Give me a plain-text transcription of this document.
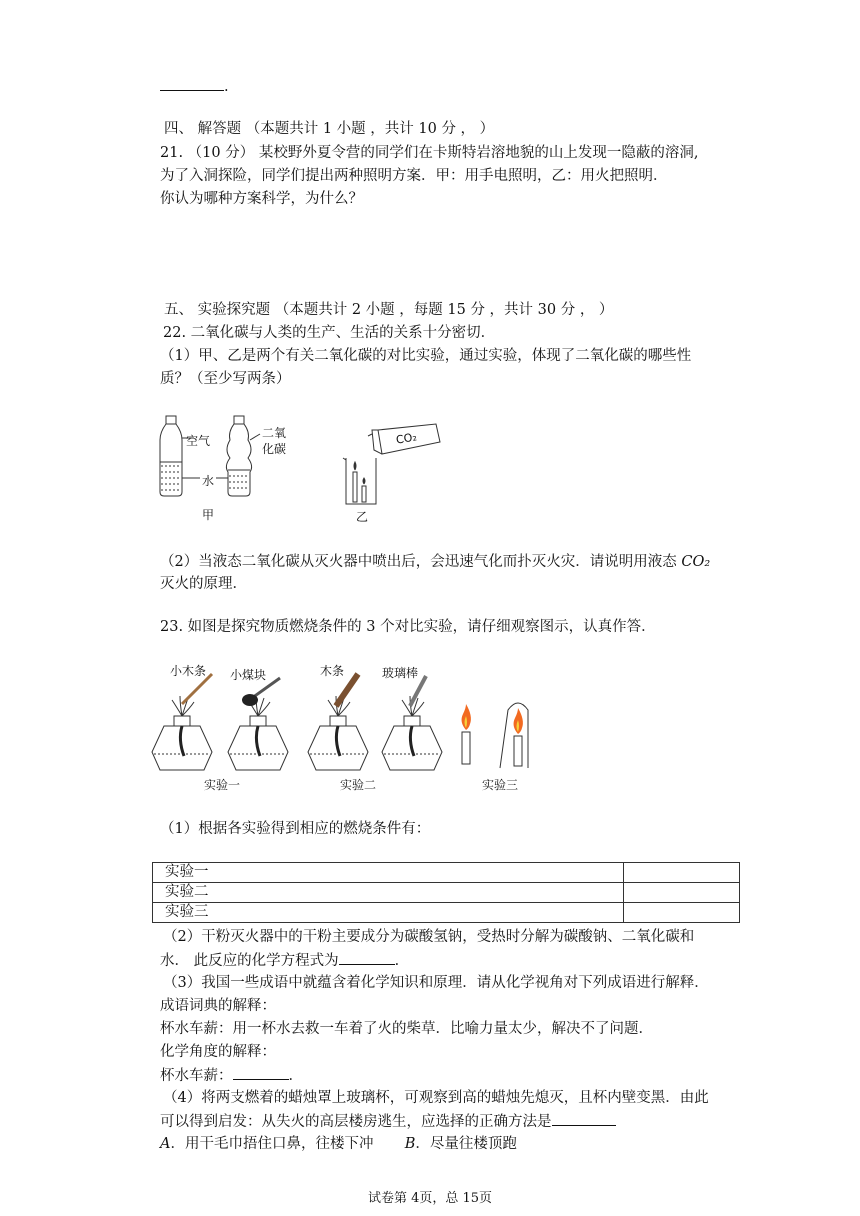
.
四、 解答题 （本题共计 1 小题 ，共计 10 分 ， ）
21. （10 分） 某校野外夏令营的同学们在卡斯特岩溶地貌的山上发现一隐蔽的溶洞,
为了入洞探险，同学们提出两种照明方案．甲：用手电照明，乙：用火把照明．
你认为哪种方案科学，为什么？
五、 实验探究题 （本题共计 2 小题 ，每题 15 分 ，共计 30 分 ， ）
22. 二氧化碳与人类的生产、生活的关系十分密切．
（1）甲、乙是两个有关二氧化碳的对比实验，通过实验，体现了二氧化碳的哪些性
质？（至少写两条）
空气
二氧
化碳
水
甲	乙
CO₂
（2）当液态二氧化碳从灭火器中喷出后，会迅速气化而扑灭火灾．请说明用液态 CO₂
灭火的原理．
23. 如图是探究物质燃烧条件的 3 个对比实验，请仔细观察图示，认真作答．
小木条 小煤块	木条	玻璃棒
实验一	实验二	实验三
（1）根据各实验得到相应的燃烧条件有：
实验一	
实验二	
实验三	
（2）干粉灭火器中的干粉主要成分为碳酸氢钠，受热时分解为碳酸钠、二氧化碳和
水． 此反应的化学方程式为	．
（3）我国一些成语中就蕴含着化学知识和原理．请从化学视角对下列成语进行解释．
成语词典的解释：
杯水车薪：用一杯水去救一车着了火的柴草．比喻力量太少，解决不了问题．
化学角度的解释：
杯水车薪：	．
（4）将两支燃着的蜡烛罩上玻璃杯，可观察到高的蜡烛先熄灭，且杯内壁变黑．由此
可以得到启发：从失火的高层楼房逃生，应选择的正确方法是
A．用干毛巾捂住口鼻，往楼下冲 B．尽量往楼顶跑
试卷第 4页，总 15页
